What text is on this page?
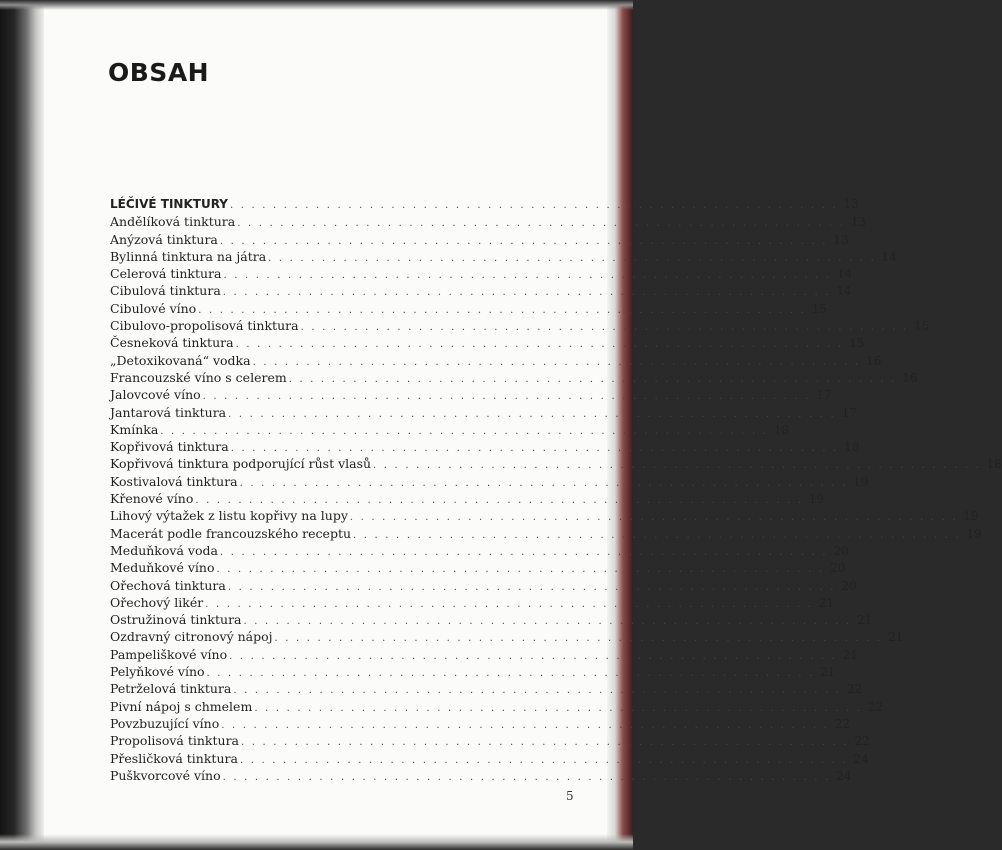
OBSAH
LÉČIVÉ TINKTURY . . . . . . . . . . . . . . . . . . . . . . . . . . . . . . . . . . . . . . . . . . . . . . . . . . . . . . . . . 13
Andělíková tinktura . . . . . . . . . . . . . . . . . . . . . . . . . . . . . . . . . . . . . . . . . . . . . . . . . . . . . . . . . 13
Anýzová tinktura . . . . . . . . . . . . . . . . . . . . . . . . . . . . . . . . . . . . . . . . . . . . . . . . . . . . . . . . . 13
Bylinná tinktura na játra . . . . . . . . . . . . . . . . . . . . . . . . . . . . . . . . . . . . . . . . . . . . . . . . . . . . . . . . . 14
Celerová tinktura . . . . . . . . . . . . . . . . . . . . . . . . . . . . . . . . . . . . . . . . . . . . . . . . . . . . . . . . . 14
Cibulová tinktura . . . . . . . . . . . . . . . . . . . . . . . . . . . . . . . . . . . . . . . . . . . . . . . . . . . . . . . . . 14
Cibulové víno . . . . . . . . . . . . . . . . . . . . . . . . . . . . . . . . . . . . . . . . . . . . . . . . . . . . . . . . . 15
Cibulovo-propolisová tinktura . . . . . . . . . . . . . . . . . . . . . . . . . . . . . . . . . . . . . . . . . . . . . . . . . . . . . . . . . 15
Česneková tinktura . . . . . . . . . . . . . . . . . . . . . . . . . . . . . . . . . . . . . . . . . . . . . . . . . . . . . . . . . 15
„Detoxikovaná“ vodka . . . . . . . . . . . . . . . . . . . . . . . . . . . . . . . . . . . . . . . . . . . . . . . . . . . . . . . . . 16
Francouzské víno s celerem . . . . . . . . . . . . . . . . . . . . . . . . . . . . . . . . . . . . . . . . . . . . . . . . . . . . . . . . . 16
Jalovcové víno . . . . . . . . . . . . . . . . . . . . . . . . . . . . . . . . . . . . . . . . . . . . . . . . . . . . . . . . . 17
Jantarová tinktura . . . . . . . . . . . . . . . . . . . . . . . . . . . . . . . . . . . . . . . . . . . . . . . . . . . . . . . . . 17
Kmínka . . . . . . . . . . . . . . . . . . . . . . . . . . . . . . . . . . . . . . . . . . . . . . . . . . . . . . . . . 18
Kopřivová tinktura . . . . . . . . . . . . . . . . . . . . . . . . . . . . . . . . . . . . . . . . . . . . . . . . . . . . . . . . . 18
Kopřivová tinktura podporující růst vlasů . . . . . . . . . . . . . . . . . . . . . . . . . . . . . . . . . . . . . . . . . . . . . . . . . . . . . . . . . 18
Kostivalová tinktura . . . . . . . . . . . . . . . . . . . . . . . . . . . . . . . . . . . . . . . . . . . . . . . . . . . . . . . . . 19
Křenové víno . . . . . . . . . . . . . . . . . . . . . . . . . . . . . . . . . . . . . . . . . . . . . . . . . . . . . . . . . 19
Lihový výtažek z listu kopřivy na lupy . . . . . . . . . . . . . . . . . . . . . . . . . . . . . . . . . . . . . . . . . . . . . . . . . . . . . . . . . 19
Macerát podle francouzského receptu . . . . . . . . . . . . . . . . . . . . . . . . . . . . . . . . . . . . . . . . . . . . . . . . . . . . . . . . . 19
Meduňková voda . . . . . . . . . . . . . . . . . . . . . . . . . . . . . . . . . . . . . . . . . . . . . . . . . . . . . . . . . 20
Meduňkové víno . . . . . . . . . . . . . . . . . . . . . . . . . . . . . . . . . . . . . . . . . . . . . . . . . . . . . . . . . 20
Ořechová tinktura . . . . . . . . . . . . . . . . . . . . . . . . . . . . . . . . . . . . . . . . . . . . . . . . . . . . . . . . . 20
Ořechový likér . . . . . . . . . . . . . . . . . . . . . . . . . . . . . . . . . . . . . . . . . . . . . . . . . . . . . . . . . 21
Ostružinová tinktura . . . . . . . . . . . . . . . . . . . . . . . . . . . . . . . . . . . . . . . . . . . . . . . . . . . . . . . . . 21
Ozdravný citronový nápoj . . . . . . . . . . . . . . . . . . . . . . . . . . . . . . . . . . . . . . . . . . . . . . . . . . . . . . . . . 21
Pampeliškové víno . . . . . . . . . . . . . . . . . . . . . . . . . . . . . . . . . . . . . . . . . . . . . . . . . . . . . . . . . 21
Pelyňkové víno . . . . . . . . . . . . . . . . . . . . . . . . . . . . . . . . . . . . . . . . . . . . . . . . . . . . . . . . . 21
Petrželová tinktura . . . . . . . . . . . . . . . . . . . . . . . . . . . . . . . . . . . . . . . . . . . . . . . . . . . . . . . . . 22
Pivní nápoj s chmelem . . . . . . . . . . . . . . . . . . . . . . . . . . . . . . . . . . . . . . . . . . . . . . . . . . . . . . . . . 22
Povzbuzující víno . . . . . . . . . . . . . . . . . . . . . . . . . . . . . . . . . . . . . . . . . . . . . . . . . . . . . . . . . 22
Propolisová tinktura . . . . . . . . . . . . . . . . . . . . . . . . . . . . . . . . . . . . . . . . . . . . . . . . . . . . . . . . . 22
Přesličková tinktura . . . . . . . . . . . . . . . . . . . . . . . . . . . . . . . . . . . . . . . . . . . . . . . . . . . . . . . . . 24
Puškvorcové víno . . . . . . . . . . . . . . . . . . . . . . . . . . . . . . . . . . . . . . . . . . . . . . . . . . . . . . . . . 24
5
